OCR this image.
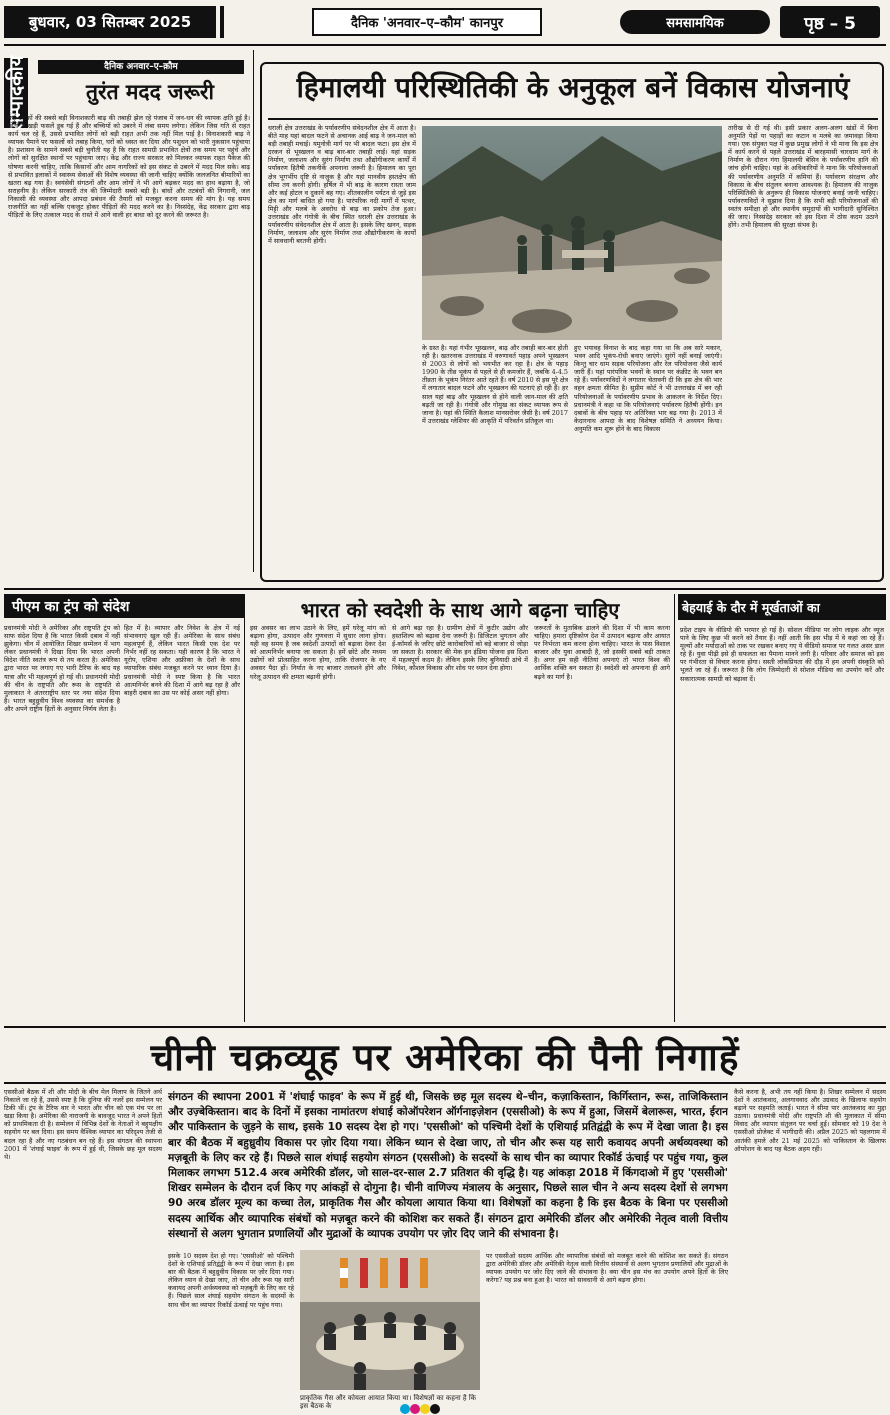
बुधवार, 03 सितम्बर 2025	दैनिक 'अनवार–ए–कौम' कानपुर	समसामयिक	पृष्ठ – 5
सम्पादकीय	दैनिक अनवार–ए–क़ौम
तुरंत मदद जरूरी
कई दशकों की सबसे बड़ी विनाशकारी बाढ़ की तबाही झेल रहे पंजाब में जन-धन की व्यापक क्षति हुई है। खेतों में खड़ी फसलें डूब गई हैं और बच्चियों को उबरने में लंबा समय लगेगा। लेकिन जिस गति से राहत कार्य चल रहे हैं, उससे प्रभावित लोगों को बड़ी राहत अभी तक नहीं मिल पाई है। विनाशकारी बाढ़ ने व्यापक पैमाने पर फसलों को तबाह किया, घरों को ध्वस्त कर दिया और पशुधन को भारी नुकसान पहुंचाया है। प्रशासन के सामने सबसे बड़ी चुनौती यह है कि राहत सामग्री प्रभावित क्षेत्रों तक समय पर पहुंचे और लोगों को सुरक्षित स्थानों पर पहुंचाया जाए। केंद्र और राज्य सरकार को मिलकर व्यापक राहत पैकेज की घोषणा करनी चाहिए, ताकि किसानों और आम नागरिकों को इस संकट से उबरने में मदद मिल सके। बाढ़ से प्रभावित इलाकों में स्वास्थ्य सेवाओं की विशेष व्यवस्था की जानी चाहिए क्योंकि जलजनित बीमारियों का खतरा बढ़ गया है। स्वयंसेवी संगठनों और आम लोगों ने भी आगे बढ़कर मदद का हाथ बढ़ाया है, जो सराहनीय है। लेकिन सरकारी तंत्र की जिम्मेदारी सबसे बड़ी है। बांधों और तटबंधों की निगरानी, जल निकासी की व्यवस्था और आपदा प्रबंधन की तैयारी को मजबूत करना समय की मांग है। यह समय राजनीति का नहीं बल्कि एकजुट होकर पीड़ितों की मदद करने का है। निस्संदेह, केंद्र सरकार द्वारा बाढ़ पीड़ितों के लिए तत्काल मदद के रास्ते में आने वाली हर बाधा को दूर करने की जरूरत है।
हिमालयी परिस्थितिकी के अनुकूल बनें विकास योजनाएं
धराली क्षेत्र उत्तराखंड के पर्यावरणीय संवेदनशील क्षेत्र में आता है। बीते माह यहां बादल फटने से अचानक आई बाढ़ ने जन-माल को बड़ी तबाही मचाई। यमुनोत्री मार्ग पर भी बादल फटा। इस क्षेत्र में दरकन से भूस्खलन व बाढ़ बार-बार तबाही लाई। यहां सड़क निर्माण, जलाशय और सुरंग निर्माण तथा औद्योगीकरण कार्यों में पर्यावरण हितैषी तकनीकें अपनाना जरूरी है। हिमालय का पूरा क्षेत्र भूगर्भीय दृष्टि से नाजुक है और यहां मानवीय हस्तक्षेप की सीमा तय करनी होगी। हर्षिल में भी बाढ़ के कारण रास्ता जाम और कई होटल व दुकानें बह गए। शीतकालीन पर्यटन से जुड़े इस क्षेत्र का मार्ग बाधित हो गया है। पारंपरिक नदी मार्गों में पत्थर, मिट्टी और मलबे के अवरोध से बाढ़ का प्रकोप तेज हुआ। उत्तराखंड और गंगोत्री के बीच स्थित धराली क्षेत्र उत्तराखंड के पर्यावरणीय संवेदनशील क्षेत्र में आता है। इसके लिए खनन, सड़क निर्माण, जलाशय और सुरंग निर्माण तथा औद्योगीकरण के कार्यों में सावधानी बरतनी होगी।
के ग्रस्त है। यहां गंभीर भूस्खलन, बाढ़ और तबाही बार-बार होती रही है। खतरनाक उत्तराखंड में वरुणावर्त पहाड़ अपने भूस्खलन से 2003 से लोगों को भयभीत कर रहा है। क्षेत्र के पहाड़ 1990 के तीव्र भूकंप से पहले से ही कमजोर हैं, जबकि 4-4.5 तीव्रता के भूकंप निरंतर आते रहते हैं। वर्ष 2010 से इस पूरे क्षेत्र में लगातार बादल फटने और भूस्खलन की घटनाएं हो रही हैं। हर साल यहां बाढ़ और भूस्खलन से होने वाली जान-माल की क्षति बढ़ती जा रही है। गंगोत्री और गोमुख का संकट व्यापक रूप से जाना है। यहां की स्थिति कैलाश मानसरोवर जैसी है। वर्ष 2017 में उत्तराखंड ग्लेशियर की आकृति में परिवर्तन प्रतिकूल था।
हुए भयावह विनाश के बाद कहा गया था कि अब सारे मकान, भवन आदि भूकंप-रोधी बनाए जाएंगे। सुरंगें नहीं बनाई जाएंगी। किन्तु चार धाम सड़क परियोजना और रेल परियोजना जैसे कार्य जारी हैं। यहां पारंपरिक भवनों के स्थान पर कंक्रीट के भवन बन रहे हैं। पर्यावरणविदों ने लगातार चेतावनी दी कि इस क्षेत्र की भार वहन क्षमता सीमित है। सुप्रीम कोर्ट ने भी उत्तराखंड में बन रही परियोजनाओं के पर्यावरणीय प्रभाव के आकलन के निर्देश दिए। प्रधानमंत्री ने कहा था कि परियोजनाएं पर्यावरण हितैषी होंगी। इन दबावों के बीच पहाड़ पर अतिरिक्त भार बढ़ गया है। 2013 में केदारनाथ आपदा के बाद विशेषज्ञ समिति ने अध्ययन किया। अनुमति कम शुरू होने के बाद विकास
तारीख से दी गई थी। इसी प्रकार अलग-अलग खंडों में बिना अनुमति पेड़ों या पहाड़ों का कटान व मलबे का जमावड़ा किया गया। एक संयुक्त पक्ष में कुछ प्रमुख लोगों ने भी माना कि इस क्षेत्र में कार्य करने से पहले उत्तराखंड में बारहमासी चारधाम मार्ग के निर्माण के दौरान गंगा हिमालयी बेसिन के पर्यावरणीय हानि की जांच होनी चाहिए। यहां के अधिकारियों ने माना कि परियोजनाओं की पर्यावरणीय अनुमति में कमियां हैं। पर्यावरण संरक्षण और विकास के बीच संतुलन बनाना आवश्यक है। हिमालय की नाजुक परिस्थितिकी के अनुरूप ही विकास योजनाएं बनाई जानी चाहिए। पर्यावरणविदों ने सुझाव दिया है कि सभी बड़ी परियोजनाओं की स्वतंत्र समीक्षा हो और स्थानीय समुदायों की भागीदारी सुनिश्चित की जाए। निस्संदेह सरकार को इस दिशा में ठोस कदम उठाने होंगे। तभी हिमालय की सुरक्षा संभव है।
पीएम का ट्रंप को संदेश
प्रधानमंत्री मोदी ने अमेरिका और राष्ट्रपति ट्रंप को साफ संदेश दिया है कि भारत किसी दबाव में नहीं झुकेगा। चीन में आयोजित शिखर सम्मेलन में भाग लेकर प्रधानमंत्री ने दिखा दिया कि भारत अपनी विदेश नीति स्वतंत्र रूप से तय करता है। अमेरिका द्वारा भारत पर लगाए गए भारी टैरिफ के बाद यह यात्रा और भी महत्वपूर्ण हो गई थी। प्रधानमंत्री मोदी की चीन के राष्ट्रपति और रूस के राष्ट्रपति से मुलाकात ने अंतरराष्ट्रीय स्तर पर नया संदेश दिया है। भारत बहुध्रुवीय विश्व व्यवस्था का समर्थक है और अपने राष्ट्रीय हितों के अनुसार निर्णय लेता है।
हित में है। व्यापार और निवेश के क्षेत्र में नई संभावनाएं खुल रही हैं। अमेरिका के साथ संबंध महत्वपूर्ण हैं, लेकिन भारत किसी एक देश पर निर्भर नहीं रह सकता। यही कारण है कि भारत ने यूरोप, एशिया और अफ्रीका के देशों के साथ व्यापारिक संबंध मजबूत करने पर ध्यान दिया है। प्रधानमंत्री मोदी ने स्पष्ट किया है कि भारत आत्मनिर्भर बनने की दिशा में आगे बढ़ रहा है और बाहरी दबाव का उस पर कोई असर नहीं होगा।
भारत को स्वदेशी के साथ आगे बढ़ना चाहिए
इस अवसर का लाभ उठाने के लिए, हमें घरेलू मांग को बढ़ाना होगा, उत्पादन और गुणवत्ता में सुधार लाना होगा। यही वह समय है जब स्वदेशी उत्पादों को बढ़ावा देकर देश को आत्मनिर्भर बनाया जा सकता है। हमें छोटे और मध्यम उद्योगों को प्रोत्साहित करना होगा, ताकि रोजगार के नए अवसर पैदा हों। निर्यात के नए बाजार तलाशने होंगे और घरेलू उत्पादन की क्षमता बढ़ानी होगी।
से आगे बढ़ा रहा है। ग्रामीण क्षेत्रों में कुटीर उद्योग और हस्तशिल्प को बढ़ावा देना जरूरी है। डिजिटल भुगतान और ई-कॉमर्स के जरिए छोटे कारोबारियों को बड़े बाजार से जोड़ा जा सकता है। सरकार की मेक इन इंडिया योजना इस दिशा में महत्वपूर्ण कदम है। लेकिन इसके लिए बुनियादी ढांचे में निवेश, कौशल विकास और शोध पर ध्यान देना होगा।
जरूरतों के मुताबिक ढालने की दिशा में भी काम करना चाहिए। हमारा दृष्टिकोण देश में उत्पादन बढ़ाना और आयात पर निर्भरता कम करना होना चाहिए। भारत के पास विशाल बाजार और युवा आबादी है, जो इसकी सबसे बड़ी ताकत है। अगर हम सही नीतियां अपनाएं तो भारत विश्व की आर्थिक शक्ति बन सकता है। स्वदेशी को अपनाना ही आगे बढ़ने का मार्ग है।
बेहयाई के दौर में मूर्खताओं का
प्रदेश टाइप के वीडियो की भरमार हो गई है। सोशल मीडिया पर लोग लाइक और व्यूज पाने के लिए कुछ भी करने को तैयार हैं। नहीं आती कि इस भीड़ में वे कहां जा रहे हैं। मूल्यों और मर्यादाओं को ताक पर रखकर बनाए गए ये वीडियो समाज पर गलत असर डाल रहे हैं। युवा पीढ़ी इसे ही सफलता का पैमाना मानने लगी है। परिवार और समाज को इस पर गंभीरता से विचार करना होगा। सस्ती लोकप्रियता की दौड़ में हम अपनी संस्कृति को भूलते जा रहे हैं। जरूरत है कि लोग जिम्मेदारी से सोशल मीडिया का उपयोग करें और सकारात्मक सामग्री को बढ़ावा दें।
चीनी चक्रव्यूह पर अमेरिका की पैनी निगाहें
एससीओ बैठक में शी और मोदी के बीच मेल मिलाप के जितने अर्थ निकाले जा रहे हैं, उससे स्पष्ट है कि दुनिया की नजरें इस सम्मेलन पर टिकी थीं। ट्रंप के टैरिफ वार ने भारत और चीन को एक मंच पर ला खड़ा किया है। अमेरिका की नाराजगी के बावजूद भारत ने अपने हितों को प्राथमिकता दी है। सम्मेलन में विभिन्न देशों के नेताओं ने बहुपक्षीय सहयोग पर बल दिया। इस समय वैश्विक व्यापार का परिदृश्य तेजी से बदल रहा है और नए गठबंधन बन रहे हैं। इस संगठन की स्थापना 2001 में 'शंघाई फाइव' के रूप में हुई थी, जिसके छह मूल सदस्य थे।
संगठन की स्थापना 2001 में 'शंघाई फाइव' के रूप में हुई थी, जिसके छह मूल सदस्य थे–चीन, कज़ाकिस्तान, किर्गिस्तान, रूस, ताजिकिस्तान और उज़्बेकिस्तान। बाद के दिनों में इसका नामांतरण शंघाई कोऑपरेशन ऑर्गनाइज़ेशन (एससीओ) के रूप में हुआ, जिसमें बेलारूस, भारत, ईरान और पाकिस्तान के जुड़ने के साथ, इसके 10 सदस्य देश हो गए। 'एससीओ' को पश्चिमी देशों के एशियाई प्रतिद्वंद्वी के रूप में देखा जाता है। इस बार की बैठक में बहुध्रुवीय विकास पर ज़ोर दिया गया। लेकिन ध्यान से देखा जाए, तो चीन और रूस यह सारी कवायद अपनी अर्थव्यवस्था को मज़बूती के लिए कर रहे हैं। पिछले साल शंघाई सहयोग संगठन (एससीओ) के सदस्यों के साथ चीन का व्यापार रिकॉर्ड ऊंचाई पर पहुंच गया, कुल मिलाकर लगभग 512.4 अरब अमेरिकी डॉलर, जो साल-दर-साल 2.7 प्रतिशत की वृद्धि है। यह आंकड़ा 2018 में किंगदाओ में हुए 'एससीओ' शिखर सम्मेलन के दौरान दर्ज किए गए आंकड़ों से दोगुना है। चीनी वाणिज्य मंत्रालय के अनुसार, पिछले साल चीन ने अन्य सदस्य देशों से लगभग 90 अरब डॉलर मूल्य का कच्चा तेल, प्राकृतिक गैस और कोयला आयात किया था। विशेषज्ञों का कहना है कि इस बैठक के बिना पर एससीओ सदस्य आर्थिक और व्यापारिक संबंधों को मज़बूत करने की कोशिश कर सकते हैं। संगठन द्वारा अमेरिकी डॉलर और अमेरिकी नेतृत्व वाली वित्तीय संस्थानों से अलग भुगतान प्रणालियों और मुद्राओं के व्यापक उपयोग पर ज़ोर दिए जाने की संभावना है।
इसके 10 सदस्य देश हो गए। 'एससीओ' को पश्चिमी देशों के एशियाई प्रतिद्वंद्वी के रूप में देखा जाता है। इस बार की बैठक में बहुध्रुवीय विकास पर ज़ोर दिया गया। लेकिन ध्यान से देखा जाए, तो चीन और रूस यह सारी कवायद अपनी अर्थव्यवस्था को मज़बूती के लिए कर रहे हैं। पिछले साल शंघाई सहयोग संगठन के सदस्यों के साथ चीन का व्यापार रिकॉर्ड ऊंचाई पर पहुंच गया।
प्राकृतिक गैस और कोयला आयात किया था। विशेषज्ञों का कहना है कि इस बैठक के
पर एससीओ सदस्य आर्थिक और व्यापारिक संबंधों को मजबूत करने की कोशिश कर सकते हैं। संगठन द्वारा अमेरिकी डॉलर और अमेरिकी नेतृत्व वाली वित्तीय संस्थानों से अलग भुगतान प्रणालियों और मुद्राओं के व्यापक उपयोग पर जोर दिए जाने की संभावना है। क्या चीन इस मंच का उपयोग अपने हितों के लिए करेगा? यह प्रश्न बना हुआ है। भारत को सावधानी से आगे बढ़ना होगा।
कैसे करना है, अभी तय नहीं किया है। शिखर सम्मेलन में सदस्य देशों ने आतंकवाद, अलगाववाद और उग्रवाद के खिलाफ सहयोग बढ़ाने पर सहमति जताई। भारत ने सीमा पार आतंकवाद का मुद्दा उठाया। प्रधानमंत्री मोदी और राष्ट्रपति शी की मुलाकात में सीमा विवाद और व्यापार संतुलन पर चर्चा हुई। सोमवार को 19 देश ने एससीओ प्रोजेक्ट में भागीदारी की। अप्रैल 2025 को पहलगाम में आतंकी हमले और 21 मई 2025 को पाकिस्तान के खिलाफ ऑपरेशन के बाद यह बैठक अहम रही।
